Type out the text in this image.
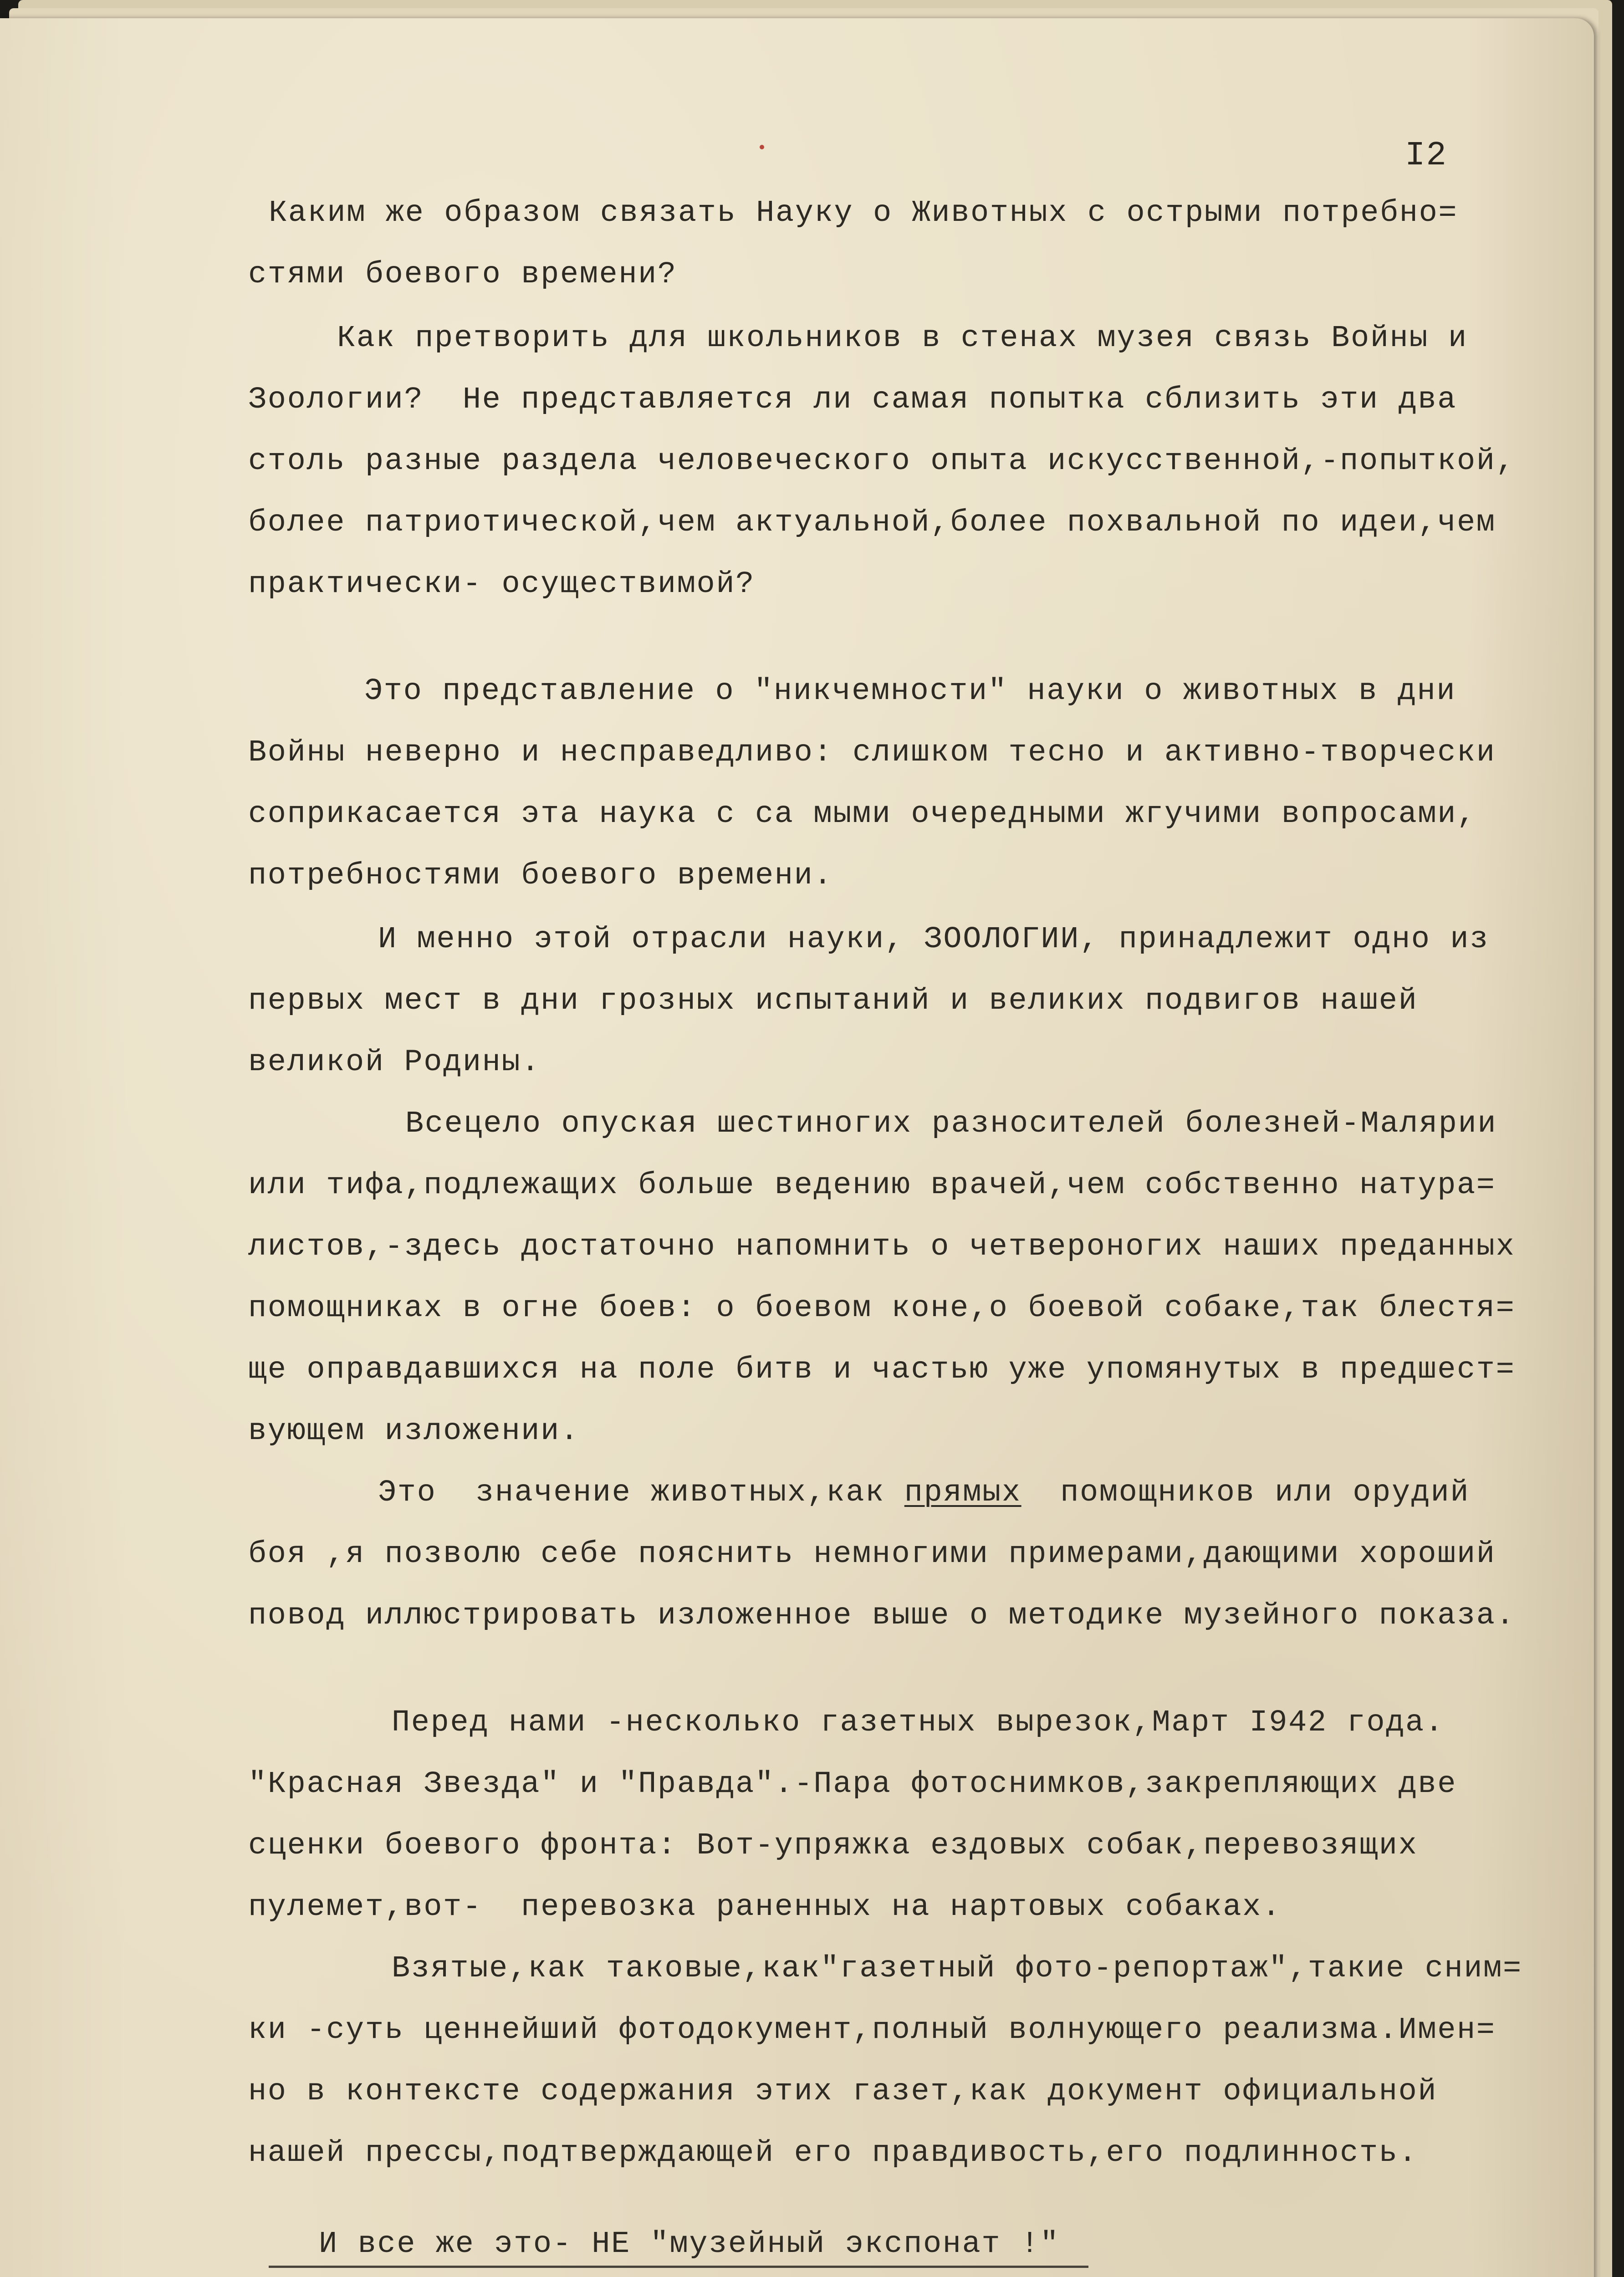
I2
Каким же образом связать Науку о Животных с острыми потребно=
стями боевого времени?
Как претворить для школьников в стенах музея связь Войны и
Зоологии?  Не представляется ли самая попытка сблизить эти два
столь разные раздела человеческого опыта искусственной,-попыткой,
более патриотической,чем актуальной,более похвальной по идеи,чем
практически- осуществимой?
Это представление о "никчемности" науки о животных в дни
Войны неверно и несправедливо: слишком тесно и активно-творчески
соприкасается эта наука с са мыми очередными жгучими вопросами,
потребностями боевого времени.
И менно этой отрасли науки, ЗООЛОГИИ, принадлежит одно из
первых мест в дни грозных испытаний и великих подвигов нашей
великой Родины.
Всецело опуская шестиногих разносителей болезней-Малярии
или тифа,подлежащих больше ведению врачей,чем собственно натура=
листов,-здесь достаточно напомнить о четвероногих наших преданных
помощниках в огне боев: о боевом коне,о боевой собаке,так блестя=
ще оправдавшихся на поле битв и частью уже упомянутых в предшест=
вующем изложении.
Это  значение животных,как прямых  помощников или орудий
боя ,я позволю себе пояснить немногими примерами,дающими хороший
повод иллюстрировать изложенное выше о методике музейного показа.
Перед нами -несколько газетных вырезок,Март I942 года.
"Красная Звезда" и "Правда".-Пара фотоснимков,закрепляющих две
сценки боевого фронта: Вот-упряжка ездовых собак,перевозящих
пулемет,вот-  перевозка раненных на нартовых собаках.
Взятые,как таковые,как"газетный фото-репортаж",такие сним=
ки -суть ценнейший фотодокумент,полный волнующего реализма.Имен=
но в контексте содержания этих газет,как документ официальной
нашей прессы,подтверждающей его правдивость,его подлинность.
И все же это- НЕ "музейный экспонат !"
